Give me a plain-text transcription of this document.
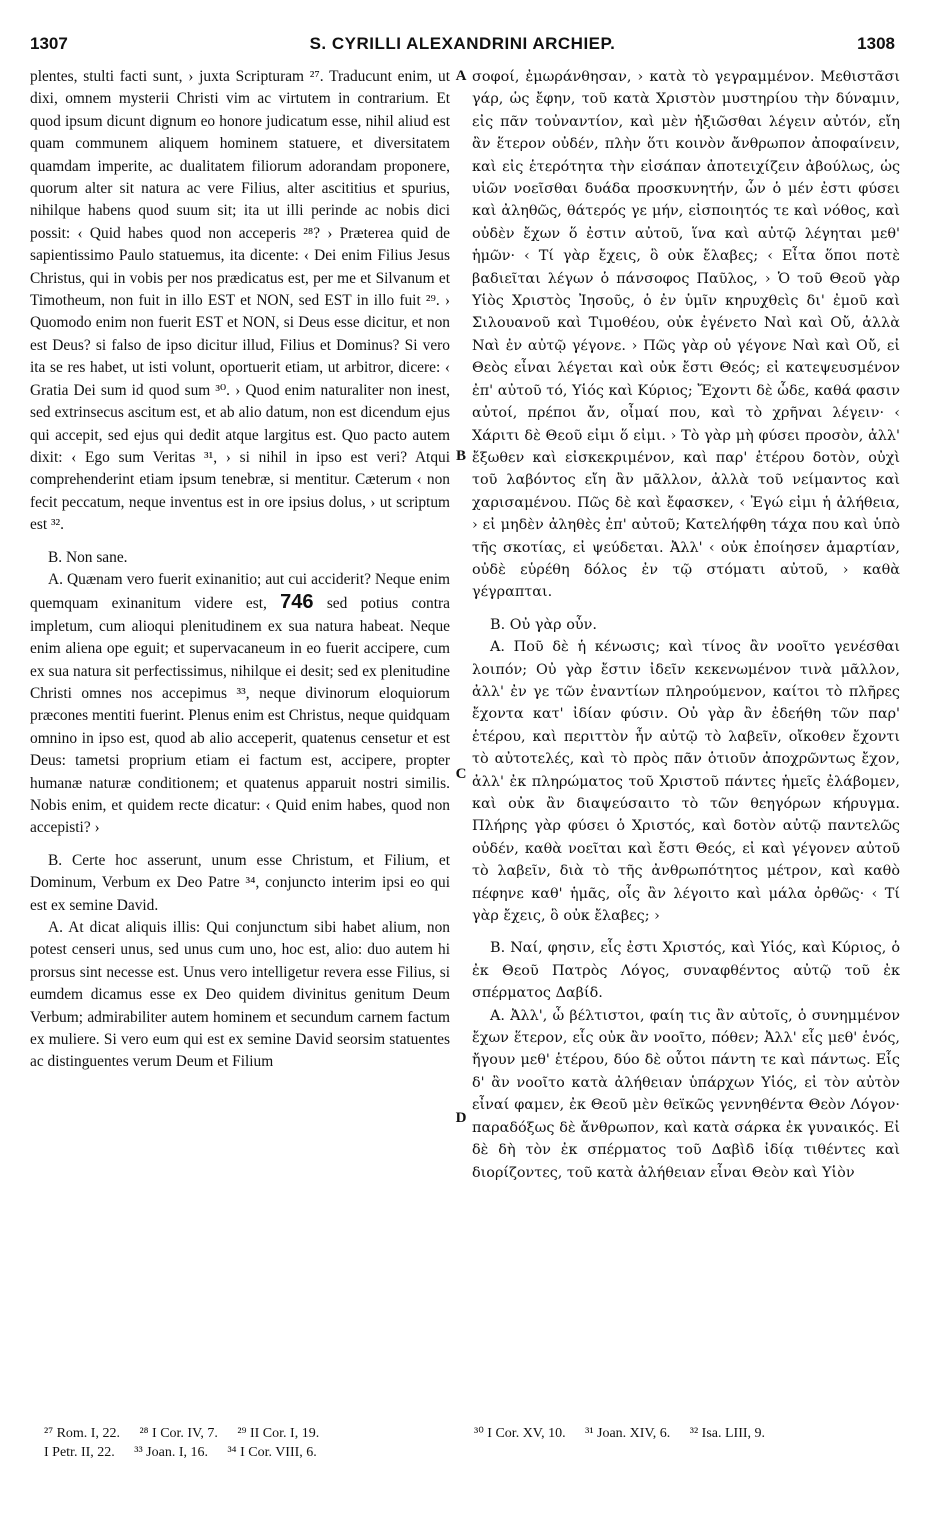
1307	S. CYRILLI ALEXANDRINI ARCHIEP.	1308

plentes, stulti facti sunt, › juxta Scripturam ²⁷. Traducunt enim, ut dixi, omnem mysterii Christi vim ac virtutem in contrarium. Et quod ipsum dicunt dignum eo honore judicatum esse, nihil aliud est quam communem aliquem hominem statuere, et diversitatem quamdam imperite, ac dualitatem filiorum adorandam proponere, quorum alter sit natura ac vere Filius, alter ascititius et spurius, nihilque habens quod suum sit; ita ut illi perinde ac nobis dici possit: ‹ Quid habes quod non acceperis ²⁸? › Præterea quid de sapientissimo Paulo statuemus, ita dicente: ‹ Dei enim Filius Jesus Christus, qui in vobis per nos prædicatus est, per me et Silvanum et Timotheum, non fuit in illo EST et NON, sed EST in illo fuit ²⁹. › Quomodo enim non fuerit EST et NON, si Deus esse dicitur, et non est Deus? si falso de ipso dicitur illud, Filius et Dominus? Si vero ita se res habet, ut isti volunt, oportuerit etiam, ut arbitror, dicere: ‹ Gratia Dei sum id quod sum ³⁰. › Quod enim naturaliter non inest, sed extrinsecus ascitum est, et ab alio datum, non est dicendum ejus qui accepit, sed ejus qui dedit atque largitus est. Quo pacto autem dixit: ‹ Ego sum Veritas ³¹, › si nihil in ipso est veri? Atqui comprehenderint etiam ipsum tenebræ, si mentitur. Cæterum ‹ non fecit peccatum, neque inventus est in ore ipsius dolus, › ut scriptum est ³².

B. Non sane.

A. Quænam vero fuerit exinanitio; aut cui acciderit? Neque enim quemquam exinanitum videre est, 746 sed potius contra impletum, cum alioqui plenitudinem ex sua natura habeat. Neque enim aliena ope eguit; et supervacaneum in eo fuerit accipere, cum ex sua natura sit perfectissimus, nihilque ei desit; sed ex plenitudine Christi omnes nos accepimus ³³, neque divinorum eloquiorum præcones mentiti fuerint. Plenus enim est Christus, neque quidquam omnino in ipso est, quod ab alio acceperit, quatenus censetur et est Deus: tametsi proprium etiam ei factum est, accipere, propter humanæ naturæ conditionem; et quatenus apparuit nostri similis. Nobis enim, et quidem recte dicatur: ‹ Quid enim habes, quod non accepisti? ›

B. Certe hoc asserunt, unum esse Christum, et Filium, et Dominum, Verbum ex Deo Patre ³⁴, conjuncto interim ipsi eo qui est ex semine David.

A. At dicat aliquis illis: Qui conjunctum sibi habet alium, non potest censeri unus, sed unus cum uno, hoc est, alio: duo autem hi prorsus sint necesse est. Unus vero intelligetur revera esse Filius, si eumdem dicamus esse ex Deo quidem divinitus genitum Deum Verbum; admirabiliter autem hominem et secundum carnem factum ex muliere. Si vero eum qui est ex semine David seorsim statuentes ac distinguentes verum Deum et Filium

A
B
C
D

σοφοί, ἐμωράνθησαν, › κατὰ τὸ γεγραμμένον. Μεθιστᾶσι γάρ, ὡς ἔφην, τοῦ κατὰ Χριστὸν μυστηρίου τὴν δύναμιν, εἰς πᾶν τοὐναντίον, καὶ μὲν ἠξιῶσθαι λέγειν αὐτόν, εἴη ἂν ἕτερον οὐδέν, πλὴν ὅτι κοινὸν ἄνθρωπον ἀποφαίνειν, καὶ εἰς ἑτερότητα τὴν εἰσάπαν ἀποτειχίζειν ἀβούλως, ὡς υἱῶν νοεῖσθαι δυάδα προσκυνητήν, ὧν ὁ μέν ἐστι φύσει καὶ ἀληθῶς, θάτερός γε μήν, εἰσποιητός τε καὶ νόθος, καὶ οὐδὲν ἔχων ὅ ἐστιν αὐτοῦ, ἵνα καὶ αὐτῷ λέγηται μεθ' ἡμῶν· ‹ Τί γὰρ ἔχεις, ὃ οὐκ ἔλαβες; ‹ Εἶτα ὅποι ποτὲ βαδιεῖται λέγων ὁ πάνσοφος Παῦλος, › Ὁ τοῦ Θεοῦ γὰρ Υἱὸς Χριστὸς Ἰησοῦς, ὁ ἐν ὑμῖν κηρυχθεὶς δι' ἐμοῦ καὶ Σιλουανοῦ καὶ Τιμοθέου, οὐκ ἐγένετο Ναὶ καὶ Οὔ, ἀλλὰ Ναὶ ἐν αὐτῷ γέγονε. › Πῶς γὰρ οὐ γέγονε Ναὶ καὶ Οὔ, εἰ Θεὸς εἶναι λέγεται καὶ οὐκ ἔστι Θεός; εἰ κατεψευσμένον ἐπ' αὐτοῦ τό, Υἱός καὶ Κύριος; Ἔχοντι δὲ ὧδε, καθά φασιν αὐτοί, πρέποι ἄν, οἶμαί που, καὶ τὸ χρῆναι λέγειν· ‹ Χάριτι δὲ Θεοῦ εἰμι ὅ εἰμι. › Τὸ γὰρ μὴ φύσει προσὸν, ἀλλ' ἔξωθεν καὶ εἰσκεκριμένον, καὶ παρ' ἑτέρου δοτὸν, οὐχὶ τοῦ λαβόντος εἴη ἂν μᾶλλον, ἀλλὰ τοῦ νείμαντος καὶ χαρισαμένου. Πῶς δὲ καὶ ἔφασκεν, ‹ Ἐγώ εἰμι ἡ ἀλήθεια, › εἰ μηδὲν ἀληθὲς ἐπ' αὐτοῦ; Κατελήφθη τάχα που καὶ ὑπὸ τῆς σκοτίας, εἰ ψεύδεται. Ἀλλ' ‹ οὐκ ἐποίησεν ἁμαρτίαν, οὐδὲ εὑρέθη δόλος ἐν τῷ στόματι αὐτοῦ, › καθὰ γέγραπται.

Β. Οὐ γὰρ οὖν.

Α. Ποῦ δὲ ἡ κένωσις; καὶ τίνος ἂν νοοῖτο γενέσθαι λοιπόν; Οὐ γὰρ ἔστιν ἰδεῖν κεκενωμένον τινὰ μᾶλλον, ἀλλ' ἐν γε τῶν ἐναντίων πληρούμενον, καίτοι τὸ πλῆρες ἔχοντα κατ' ἰδίαν φύσιν. Οὐ γὰρ ἂν ἐδεήθη τῶν παρ' ἑτέρου, καὶ περιττὸν ἦν αὐτῷ τὸ λαβεῖν, οἴκοθεν ἔχοντι τὸ αὐτοτελές, καὶ τὸ πρὸς πᾶν ὁτιοῦν ἀποχρῶντως ἔχον, ἀλλ' ἐκ πληρώματος τοῦ Χριστοῦ πάντες ἡμεῖς ἐλάβομεν, καὶ οὐκ ἂν διαψεύσαιτο τὸ τῶν θεηγόρων κήρυγμα. Πλήρης γὰρ φύσει ὁ Χριστός, καὶ δοτὸν αὐτῷ παντελῶς οὐδέν, καθὰ νοεῖται καὶ ἔστι Θεός, εἰ καὶ γέγονεν αὐτοῦ τὸ λαβεῖν, διὰ τὸ τῆς ἀνθρωπότητος μέτρον, καὶ καθὸ πέφηνε καθ' ἡμᾶς, οἷς ἂν λέγοιτο καὶ μάλα ὀρθῶς· ‹ Τί γὰρ ἔχεις, ὃ οὐκ ἔλαβες; ›

Β. Ναί, φησιν, εἷς ἐστι Χριστός, καὶ Υἱός, καὶ Κύριος, ὁ ἐκ Θεοῦ Πατρὸς Λόγος, συναφθέντος αὐτῷ τοῦ ἐκ σπέρματος Δαβίδ.

Α. Ἀλλ', ὦ βέλτιστοι, φαίη τις ἂν αὐτοῖς, ὁ συνημμένον ἔχων ἕτερον, εἷς οὐκ ἂν νοοῖτο, πόθεν; Ἀλλ' εἷς μεθ' ἑνός, ἤγουν μεθ' ἑτέρου, δύο δὲ οὗτοι πάντη τε καὶ πάντως. Εἷς δ' ἂν νοοῖτο κατὰ ἀλήθειαν ὑπάρχων Υἱός, εἰ τὸν αὐτὸν εἶναί φαμεν, ἐκ Θεοῦ μὲν θεϊκῶς γεννηθέντα Θεὸν Λόγον· παραδόξως δὲ ἄνθρωπον, καὶ κατὰ σάρκα ἐκ γυναικός. Εἰ δὲ δὴ τὸν ἐκ σπέρματος τοῦ Δαβὶδ ἰδίᾳ τιθέντες καὶ διορίζοντες, τοῦ κατὰ ἀλήθειαν εἶναι Θεὸν καὶ Υἱὸν

²⁷ Rom. I, 22. ²⁸ I Cor. IV, 7. ²⁹ II Cor. I, 19.
I Petr. II, 22. ³³ Joan. I, 16. ³⁴ I Cor. VIII, 6.
³⁰ I Cor. XV, 10. ³¹ Joan. XIV, 6. ³² Isa. LIII, 9.
